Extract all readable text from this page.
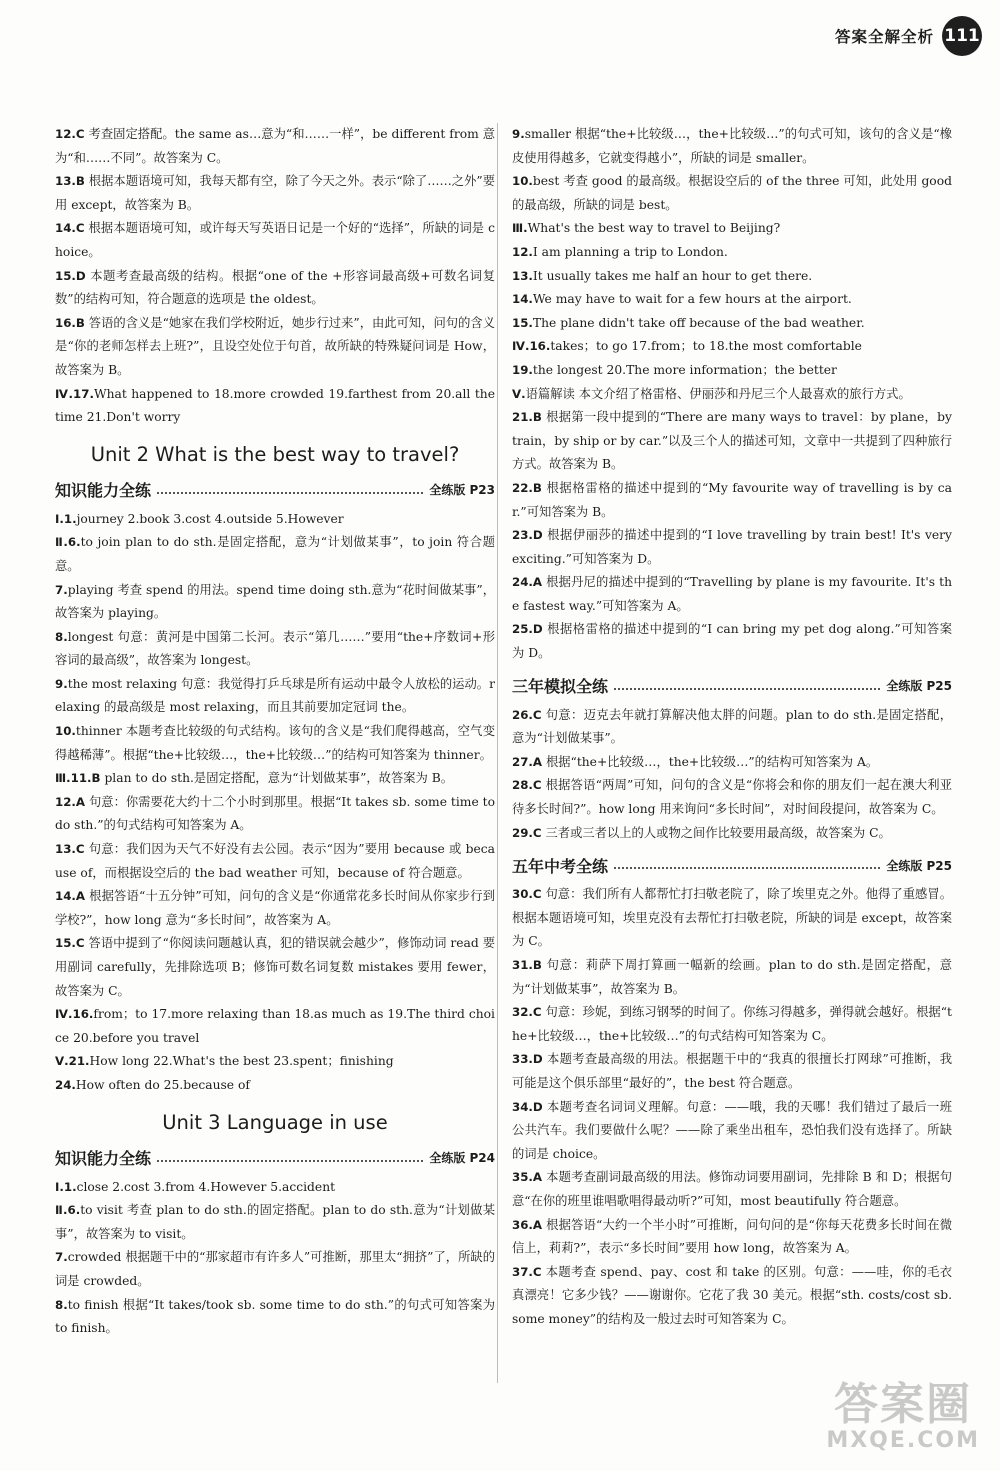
答案全解全析 111

12.C 考查固定搭配。the same as…意为“和……一样”，be different from 意为“和……不同”。故答案为 C。

13.B 根据本题语境可知，我每天都有空，除了今天之外。表示“除了……之外”要用 except，故答案为 B。

14.C 根据本题语境可知，或许每天写英语日记是一个好的“选择”，所缺的词是 choice。

15.D 本题考查最高级的结构。根据“one of the +形容词最高级+可数名词复数”的结构可知，符合题意的选项是 the oldest。

16.B 答语的含义是“她家在我们学校附近，她步行过来”，由此可知，问句的含义是“你的老师怎样去上班?”，且设空处位于句首，故所缺的特殊疑问词是 How，故答案为 B。

Ⅳ.17.What happened to 18.more crowded 19.farthest from 20.all the time 21.Don't worry

Unit 2 What is the best way to travel?
知识能力全练	全练版 P23

Ⅰ.1.journey 2.book 3.cost 4.outside 5.However

Ⅱ.6.to join plan to do sth.是固定搭配，意为“计划做某事”，to join 符合题意。

7.playing 考查 spend 的用法。spend time doing sth.意为“花时间做某事”，故答案为 playing。

8.longest 句意：黄河是中国第二长河。表示“第几……”要用“the+序数词+形容词的最高级”，故答案为 longest。

9.the most relaxing 句意：我觉得打乒乓球是所有运动中最令人放松的运动。relaxing 的最高级是 most relaxing，而且其前要加定冠词 the。

10.thinner 本题考查比较级的句式结构。该句的含义是“我们爬得越高，空气变得越稀薄”。根据“the+比较级…，the+比较级…”的结构可知答案为 thinner。

Ⅲ.11.B plan to do sth.是固定搭配，意为“计划做某事”，故答案为 B。

12.A 句意：你需要花大约十二个小时到那里。根据“It takes sb. some time to do sth.”的句式结构可知答案为 A。

13.C 句意：我们因为天气不好没有去公园。表示“因为”要用 because 或 because of，而根据设空后的 the bad weather 可知，because of 符合题意。

14.A 根据答语“十五分钟”可知，问句的含义是“你通常花多长时间从你家步行到学校?”，how long 意为“多长时间”，故答案为 A。

15.C 答语中提到了“你阅读问题越认真，犯的错误就会越少”，修饰动词 read 要用副词 carefully，先排除选项 B；修饰可数名词复数 mistakes 要用 fewer，故答案为 C。

Ⅳ.16.from；to 17.more relaxing than 18.as much as 19.The third choice 20.before you travel

Ⅴ.21.How long 22.What's the best 23.spent；finishing

24.How often do 25.because of

Unit 3 Language in use
知识能力全练	全练版 P24

Ⅰ.1.close 2.cost 3.from 4.However 5.accident

Ⅱ.6.to visit 考查 plan to do sth.的固定搭配。plan to do sth.意为“计划做某事”，故答案为 to visit。

7.crowded 根据题干中的“那家超市有许多人”可推断，那里太“拥挤”了，所缺的词是 crowded。

8.to finish 根据“It takes/took sb. some time to do sth.”的句式可知答案为 to finish。

9.smaller 根据“the+比较级…，the+比较级…”的句式可知，该句的含义是“橡皮使用得越多，它就变得越小”，所缺的词是 smaller。

10.best 考查 good 的最高级。根据设空后的 of the three 可知，此处用 good 的最高级，所缺的词是 best。

Ⅲ.What's the best way to travel to Beijing?

12.I am planning a trip to London.

13.It usually takes me half an hour to get there.

14.We may have to wait for a few hours at the airport.

15.The plane didn't take off because of the bad weather.

Ⅳ.16.takes；to go 17.from；to 18.the most comfortable

19.the longest 20.The more information；the better

Ⅴ.语篇解读 本文介绍了格雷格、伊丽莎和丹尼三个人最喜欢的旅行方式。

21.B 根据第一段中提到的“There are many ways to travel：by plane，by train，by ship or by car.”以及三个人的描述可知，文章中一共提到了四种旅行方式。故答案为 B。

22.B 根据格雷格的描述中提到的“My favourite way of travelling is by car.”可知答案为 B。

23.D 根据伊丽莎的描述中提到的“I love travelling by train best! It's very exciting.”可知答案为 D。

24.A 根据丹尼的描述中提到的“Travelling by plane is my favourite. It's the fastest way.”可知答案为 A。

25.D 根据格雷格的描述中提到的“I can bring my pet dog along.”可知答案为 D。

三年模拟全练	全练版 P25

26.C 句意：迈克去年就打算解决他太胖的问题。plan to do sth.是固定搭配，意为“计划做某事”。

27.A 根据“the+比较级…，the+比较级…”的结构可知答案为 A。

28.C 根据答语“两周”可知，问句的含义是“你将会和你的朋友们一起在澳大利亚待多长时间?”。how long 用来询问“多长时间”，对时间段提问，故答案为 C。

29.C 三者或三者以上的人或物之间作比较要用最高级，故答案为 C。

五年中考全练	全练版 P25

30.C 句意：我们所有人都帮忙打扫敬老院了，除了埃里克之外。他得了重感冒。根据本题语境可知，埃里克没有去帮忙打扫敬老院，所缺的词是 except，故答案为 C。

31.B 句意：莉萨下周打算画一幅新的绘画。plan to do sth.是固定搭配，意为“计划做某事”，故答案为 B。

32.C 句意：珍妮，到练习钢琴的时间了。你练习得越多，弹得就会越好。根据“the+比较级…，the+比较级…”的句式结构可知答案为 C。

33.D 本题考查最高级的用法。根据题干中的“我真的很擅长打网球”可推断，我可能是这个俱乐部里“最好的”，the best 符合题意。

34.D 本题考查名词词义理解。句意：——哦，我的天哪！我们错过了最后一班公共汽车。我们要做什么呢？——除了乘坐出租车，恐怕我们没有选择了。所缺的词是 choice。

35.A 本题考查副词最高级的用法。修饰动词要用副词，先排除 B 和 D；根据句意“在你的班里谁唱歌唱得最动听?”可知，most beautifully 符合题意。

36.A 根据答语“大约一个半小时”可推断，问句问的是“你每天花费多长时间在微信上，莉莉?”，表示“多长时间”要用 how long，故答案为 A。

37.C 本题考查 spend、pay、cost 和 take 的区别。句意：——哇，你的毛衣真漂亮！它多少钱？——谢谢你。它花了我 30 美元。根据“sth. costs/cost sb. some money”的结构及一般过去时可知答案为 C。

答案圈
MXQE.COM
